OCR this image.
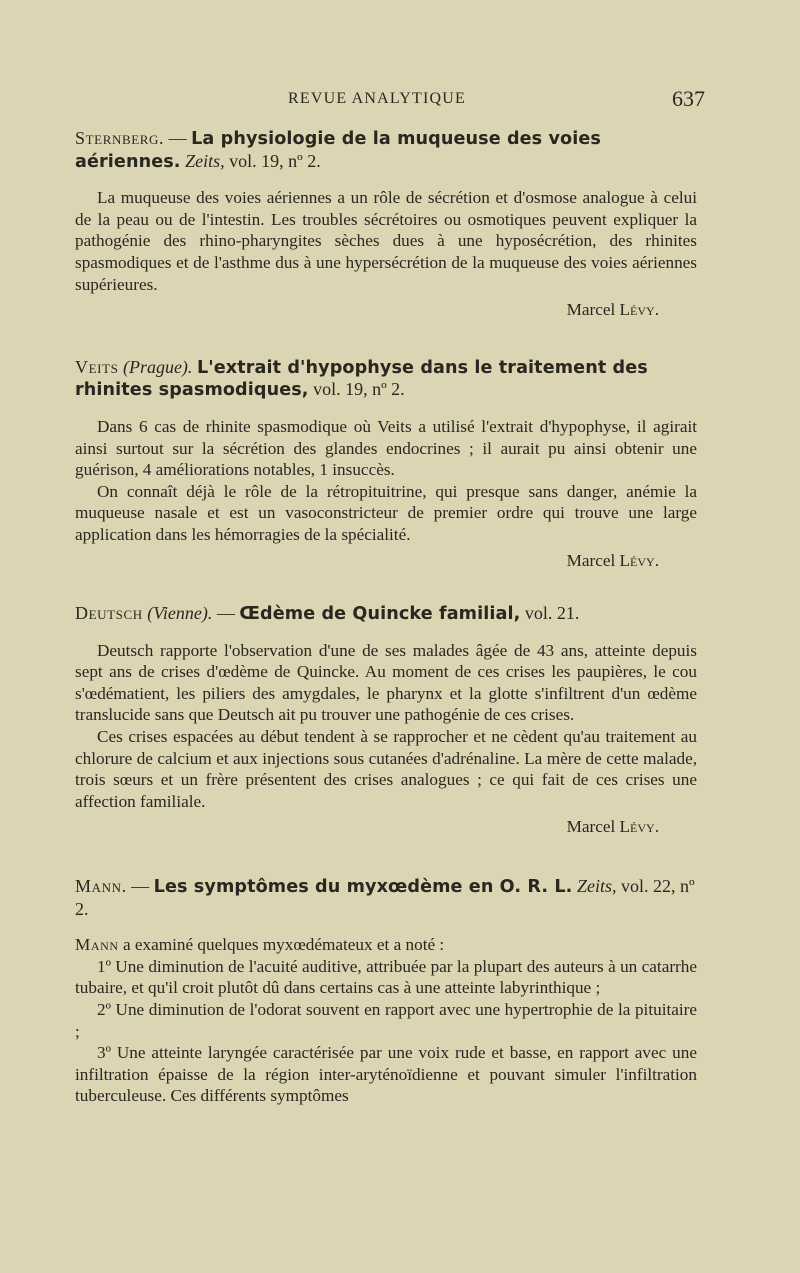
REVUE ANALYTIQUE	637

Sternberg. — La physiologie de la muqueuse des voies aériennes. Zeits, vol. 19, nº 2.

La muqueuse des voies aériennes a un rôle de sécrétion et d'osmose analogue à celui de la peau ou de l'intestin. Les troubles sécrétoires ou osmotiques peuvent expliquer la pathogénie des rhino-pharyngites sèches dues à une hyposécrétion, des rhinites spasmodiques et de l'asthme dus à une hypersécrétion de la muqueuse des voies aériennes supérieures.

Marcel Lévy.

Veits (Prague). L'extrait d'hypophyse dans le traitement des rhinites spasmodiques, vol. 19, nº 2.

Dans 6 cas de rhinite spasmodique où Veits a utilisé l'extrait d'hypophyse, il agirait ainsi surtout sur la sécrétion des glandes endocrines ; il aurait pu ainsi obtenir une guérison, 4 améliorations notables, 1 insuccès.

On connaît déjà le rôle de la rétropituitrine, qui presque sans danger, anémie la muqueuse nasale et est un vasoconstricteur de premier ordre qui trouve une large application dans les hémorragies de la spécialité.

Marcel Lévy.

Deutsch (Vienne). — Œdème de Quincke familial, vol. 21.

Deutsch rapporte l'observation d'une de ses malades âgée de 43 ans, atteinte depuis sept ans de crises d'œdème de Quincke. Au moment de ces crises les paupières, le cou s'œdématient, les piliers des amygdales, le pharynx et la glotte s'infiltrent d'un œdème translucide sans que Deutsch ait pu trouver une pathogénie de ces crises.

Ces crises espacées au début tendent à se rapprocher et ne cèdent qu'au traitement au chlorure de calcium et aux injections sous cutanées d'adrénaline. La mère de cette malade, trois sœurs et un frère présentent des crises analogues ; ce qui fait de ces crises une affection familiale.

Marcel Lévy.

Mann. — Les symptômes du myxœdème en O. R. L. Zeits, vol. 22, nº 2.

Mann a examiné quelques myxœdémateux et a noté :

1º Une diminution de l'acuité auditive, attribuée par la plupart des auteurs à un catarrhe tubaire, et qu'il croit plutôt dû dans certains cas à une atteinte labyrinthique ;

2º Une diminution de l'odorat souvent en rapport avec une hypertrophie de la pituitaire ;

3º Une atteinte laryngée caractérisée par une voix rude et basse, en rapport avec une infiltration épaisse de la région inter-aryténoïdienne et pouvant simuler l'infiltration tuberculeuse. Ces différents symptômes
